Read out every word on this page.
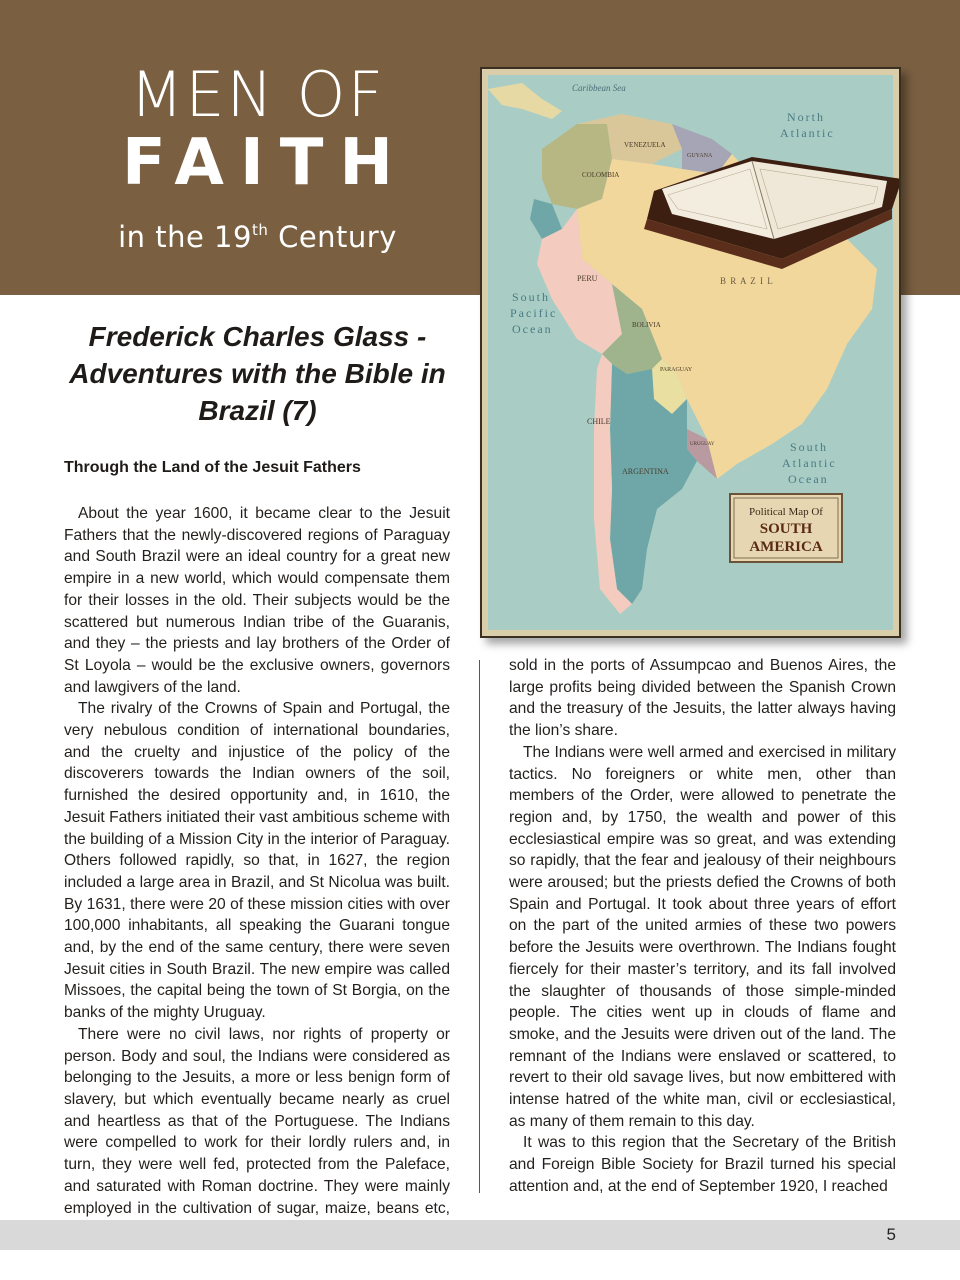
MEN OF
FAITH
in the 19th Century
Caribbean Sea
North
Atlantic
South
Pacific
Ocean
South
Atlantic
Ocean
VENEZUELA
COLOMBIA
GUYANA
PERU
BOLIVIA
B R A Z I L
PARAGUAY
CHILE
ARGENTINA
URUGUAY
Political Map Of
SOUTH
AMERICA
Frederick Charles Glass - Adventures with the Bible in Brazil (7)
Through the Land of the Jesuit Fathers

About the year 1600, it became clear to the Jesuit Fathers that the newly-discovered regions of Paraguay and South Brazil were an ideal country for a great new empire in a new world, which would compensate them for their losses in the old. Their subjects would be the scattered but numerous Indian tribe of the Guaranis, and they – the priests and lay brothers of the Order of St Loyola – would be the exclusive owners, governors and lawgivers of the land.

The rivalry of the Crowns of Spain and Portugal, the very nebulous condition of international boundaries, and the cruelty and injustice of the policy of the discoverers towards the Indian owners of the soil, furnished the desired opportunity and, in 1610, the Jesuit Fathers initiated their vast ambitious scheme with the building of a Mission City in the interior of Paraguay. Others followed rapidly, so that, in 1627, the region included a large area in Brazil, and St Nicolua was built. By 1631, there were 20 of these mission cities with over 100,000 inhabitants, all speaking the Guarani tongue and, by the end of the same century, there were seven Jesuit cities in South Brazil. The new empire was called Missoes, the capital being the town of St Borgia, on the banks of the mighty Uruguay.

There were no civil laws, nor rights of property or person. Body and soul, the Indians were considered as belonging to the Jesuits, a more or less benign form of slavery, but which eventually became nearly as cruel and heartless as that of the Portuguese. The Indians were compelled to work for their lordly rulers and, in turn, they were well fed, protected from the Paleface, and saturated with Roman doctrine. They were mainly employed in the cultivation of sugar, maize, beans etc,

sold in the ports of Assumpcao and Buenos Aires, the large profits being divided between the Spanish Crown and the treasury of the Jesuits, the latter always having the lion’s share.

The Indians were well armed and exercised in military tactics. No foreigners or white men, other than members of the Order, were allowed to penetrate the region and, by 1750, the wealth and power of this ecclesiastical empire was so great, and was extending so rapidly, that the fear and jealousy of their neighbours were aroused; but the priests defied the Crowns of both Spain and Portugal. It took about three years of effort on the part of the united armies of these two powers before the Jesuits were overthrown. The Indians fought fiercely for their master’s territory, and its fall involved the slaughter of thousands of those simple-minded people. The cities went up in clouds of flame and smoke, and the Jesuits were driven out of the land. The remnant of the Indians were enslaved or scattered, to revert to their old savage lives, but now embittered with intense hatred of the white man, civil or ecclesiastical, as many of them remain to this day.

It was to this region that the Secretary of the British and Foreign Bible Society for Brazil turned his special attention and, at the end of September 1920, I reached

5
